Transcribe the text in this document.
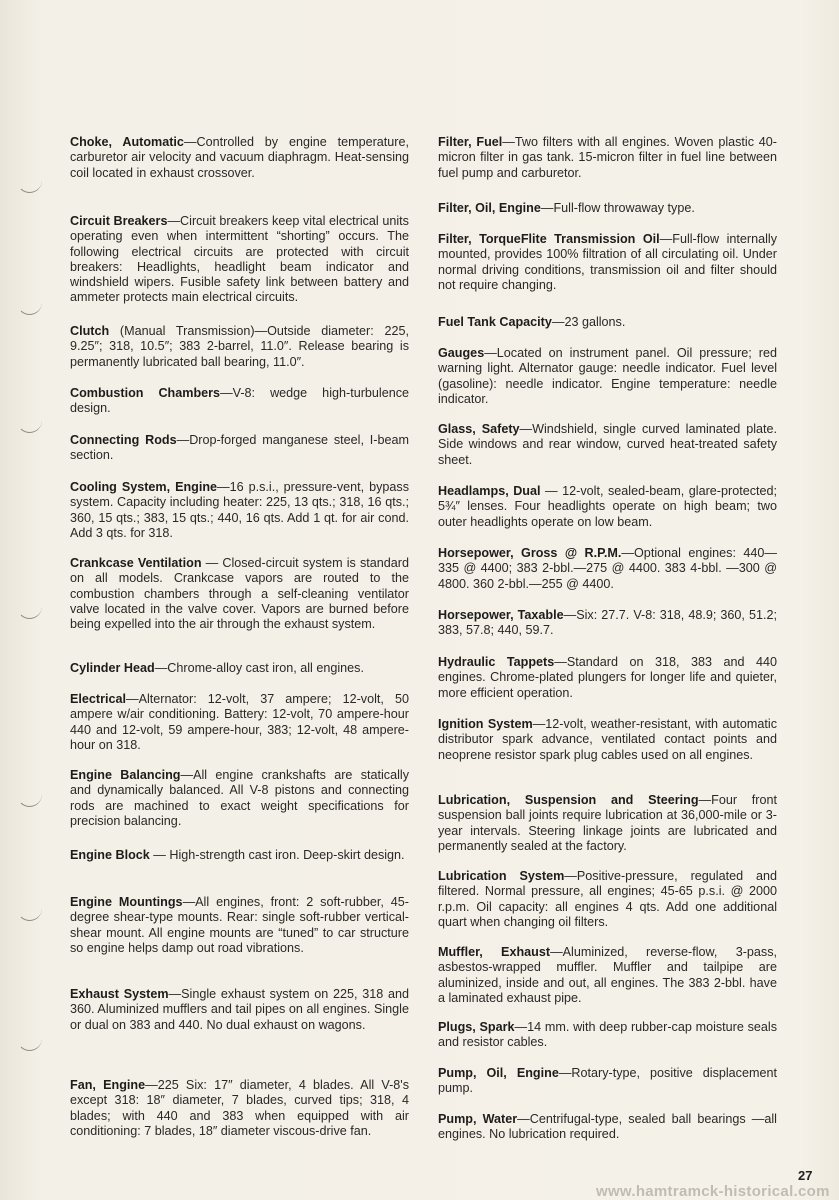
Choke, Automatic—Controlled by engine temperature, carburetor air velocity and vacuum diaphragm. Heat-sensing coil located in exhaust crossover.

Circuit Breakers—Circuit breakers keep vital electrical units operating even when intermittent “shorting” occurs. The following electrical circuits are protected with circuit breakers: Headlights, headlight beam indicator and windshield wipers. Fusible safety link between battery and ammeter protects main electrical circuits.

Clutch (Manual Transmission)—Outside diameter: 225, 9.25″; 318, 10.5″; 383 2-barrel, 11.0″. Release bearing is permanently lubricated ball bearing, 11.0″.

Combustion Chambers—V-8: wedge high-turbulence design.

Connecting Rods—Drop-forged manganese steel, I-beam section.

Cooling System, Engine—16 p.s.i., pressure-vent, bypass system. Capacity including heater: 225, 13 qts.; 318, 16 qts.; 360, 15 qts.; 383, 15 qts.; 440, 16 qts. Add 1 qt. for air cond. Add 3 qts. for 318.

Crankcase Ventilation — Closed-circuit system is standard on all models. Crankcase vapors are routed to the combustion chambers through a self-cleaning ventilator valve located in the valve cover. Vapors are burned before being expelled into the air through the exhaust system.

Cylinder Head—Chrome-alloy cast iron, all engines.

Electrical—Alternator: 12-volt, 37 ampere; 12-volt, 50 ampere w/air conditioning. Battery: 12-volt, 70 ampere-hour 440 and 12-volt, 59 ampere-hour, 383; 12-volt, 48 ampere-hour on 318.

Engine Balancing—All engine crankshafts are statically and dynamically balanced. All V-8 pistons and connecting rods are machined to exact weight specifications for precision balancing.

Engine Block — High-strength cast iron. Deep-skirt design.

Engine Mountings—All engines, front: 2 soft-rubber, 45-degree shear-type mounts. Rear: single soft-rubber vertical-shear mount. All engine mounts are “tuned” to car structure so engine helps damp out road vibrations.

Exhaust System—Single exhaust system on 225, 318 and 360. Aluminized mufflers and tail pipes on all engines. Single or dual on 383 and 440. No dual exhaust on wagons.

Fan, Engine—225 Six: 17″ diameter, 4 blades. All V-8's except 318: 18″ diameter, 7 blades, curved tips; 318, 4 blades; with 440 and 383 when equipped with air conditioning: 7 blades, 18″ diameter viscous-drive fan.

Filter, Fuel—Two filters with all engines. Woven plastic 40-micron filter in gas tank. 15-micron filter in fuel line between fuel pump and carburetor.

Filter, Oil, Engine—Full-flow throwaway type.

Filter, TorqueFlite Transmission Oil—Full-flow internally mounted, provides 100% filtration of all circulating oil. Under normal driving conditions, transmission oil and filter should not require changing.

Fuel Tank Capacity—23 gallons.

Gauges—Located on instrument panel. Oil pressure; red warning light. Alternator gauge: needle indicator. Fuel level (gasoline): needle indicator. Engine temperature: needle indicator.

Glass, Safety—Windshield, single curved laminated plate. Side windows and rear window, curved heat-treated safety sheet.

Headlamps, Dual — 12-volt, sealed-beam, glare-protected; 5¾″ lenses. Four headlights operate on high beam; two outer headlights operate on low beam.

Horsepower, Gross @ R.P.M.—Optional engines: 440—335 @ 4400; 383 2-bbl.—275 @ 4400. 383 4-bbl. —300 @ 4800. 360 2-bbl.—255 @ 4400.

Horsepower, Taxable—Six: 27.7. V-8: 318, 48.9; 360, 51.2; 383, 57.8; 440, 59.7.

Hydraulic Tappets—Standard on 318, 383 and 440 engines. Chrome-plated plungers for longer life and quieter, more efficient operation.

Ignition System—12-volt, weather-resistant, with automatic distributor spark advance, ventilated contact points and neoprene resistor spark plug cables used on all engines.

Lubrication, Suspension and Steering—Four front suspension ball joints require lubrication at 36,000-mile or 3-year intervals. Steering linkage joints are lubricated and permanently sealed at the factory.

Lubrication System—Positive-pressure, regulated and filtered. Normal pressure, all engines; 45-65 p.s.i. @ 2000 r.p.m. Oil capacity: all engines 4 qts. Add one additional quart when changing oil filters.

Muffler, Exhaust—Aluminized, reverse-flow, 3-pass, asbestos-wrapped muffler. Muffler and tailpipe are aluminized, inside and out, all engines. The 383 2-bbl. have a laminated exhaust pipe.

Plugs, Spark—14 mm. with deep rubber-cap moisture seals and resistor cables.

Pump, Oil, Engine—Rotary-type, positive displacement pump.

Pump, Water—Centrifugal-type, sealed ball bearings —all engines. No lubrication required.

27
www.hamtramck-historical.com
